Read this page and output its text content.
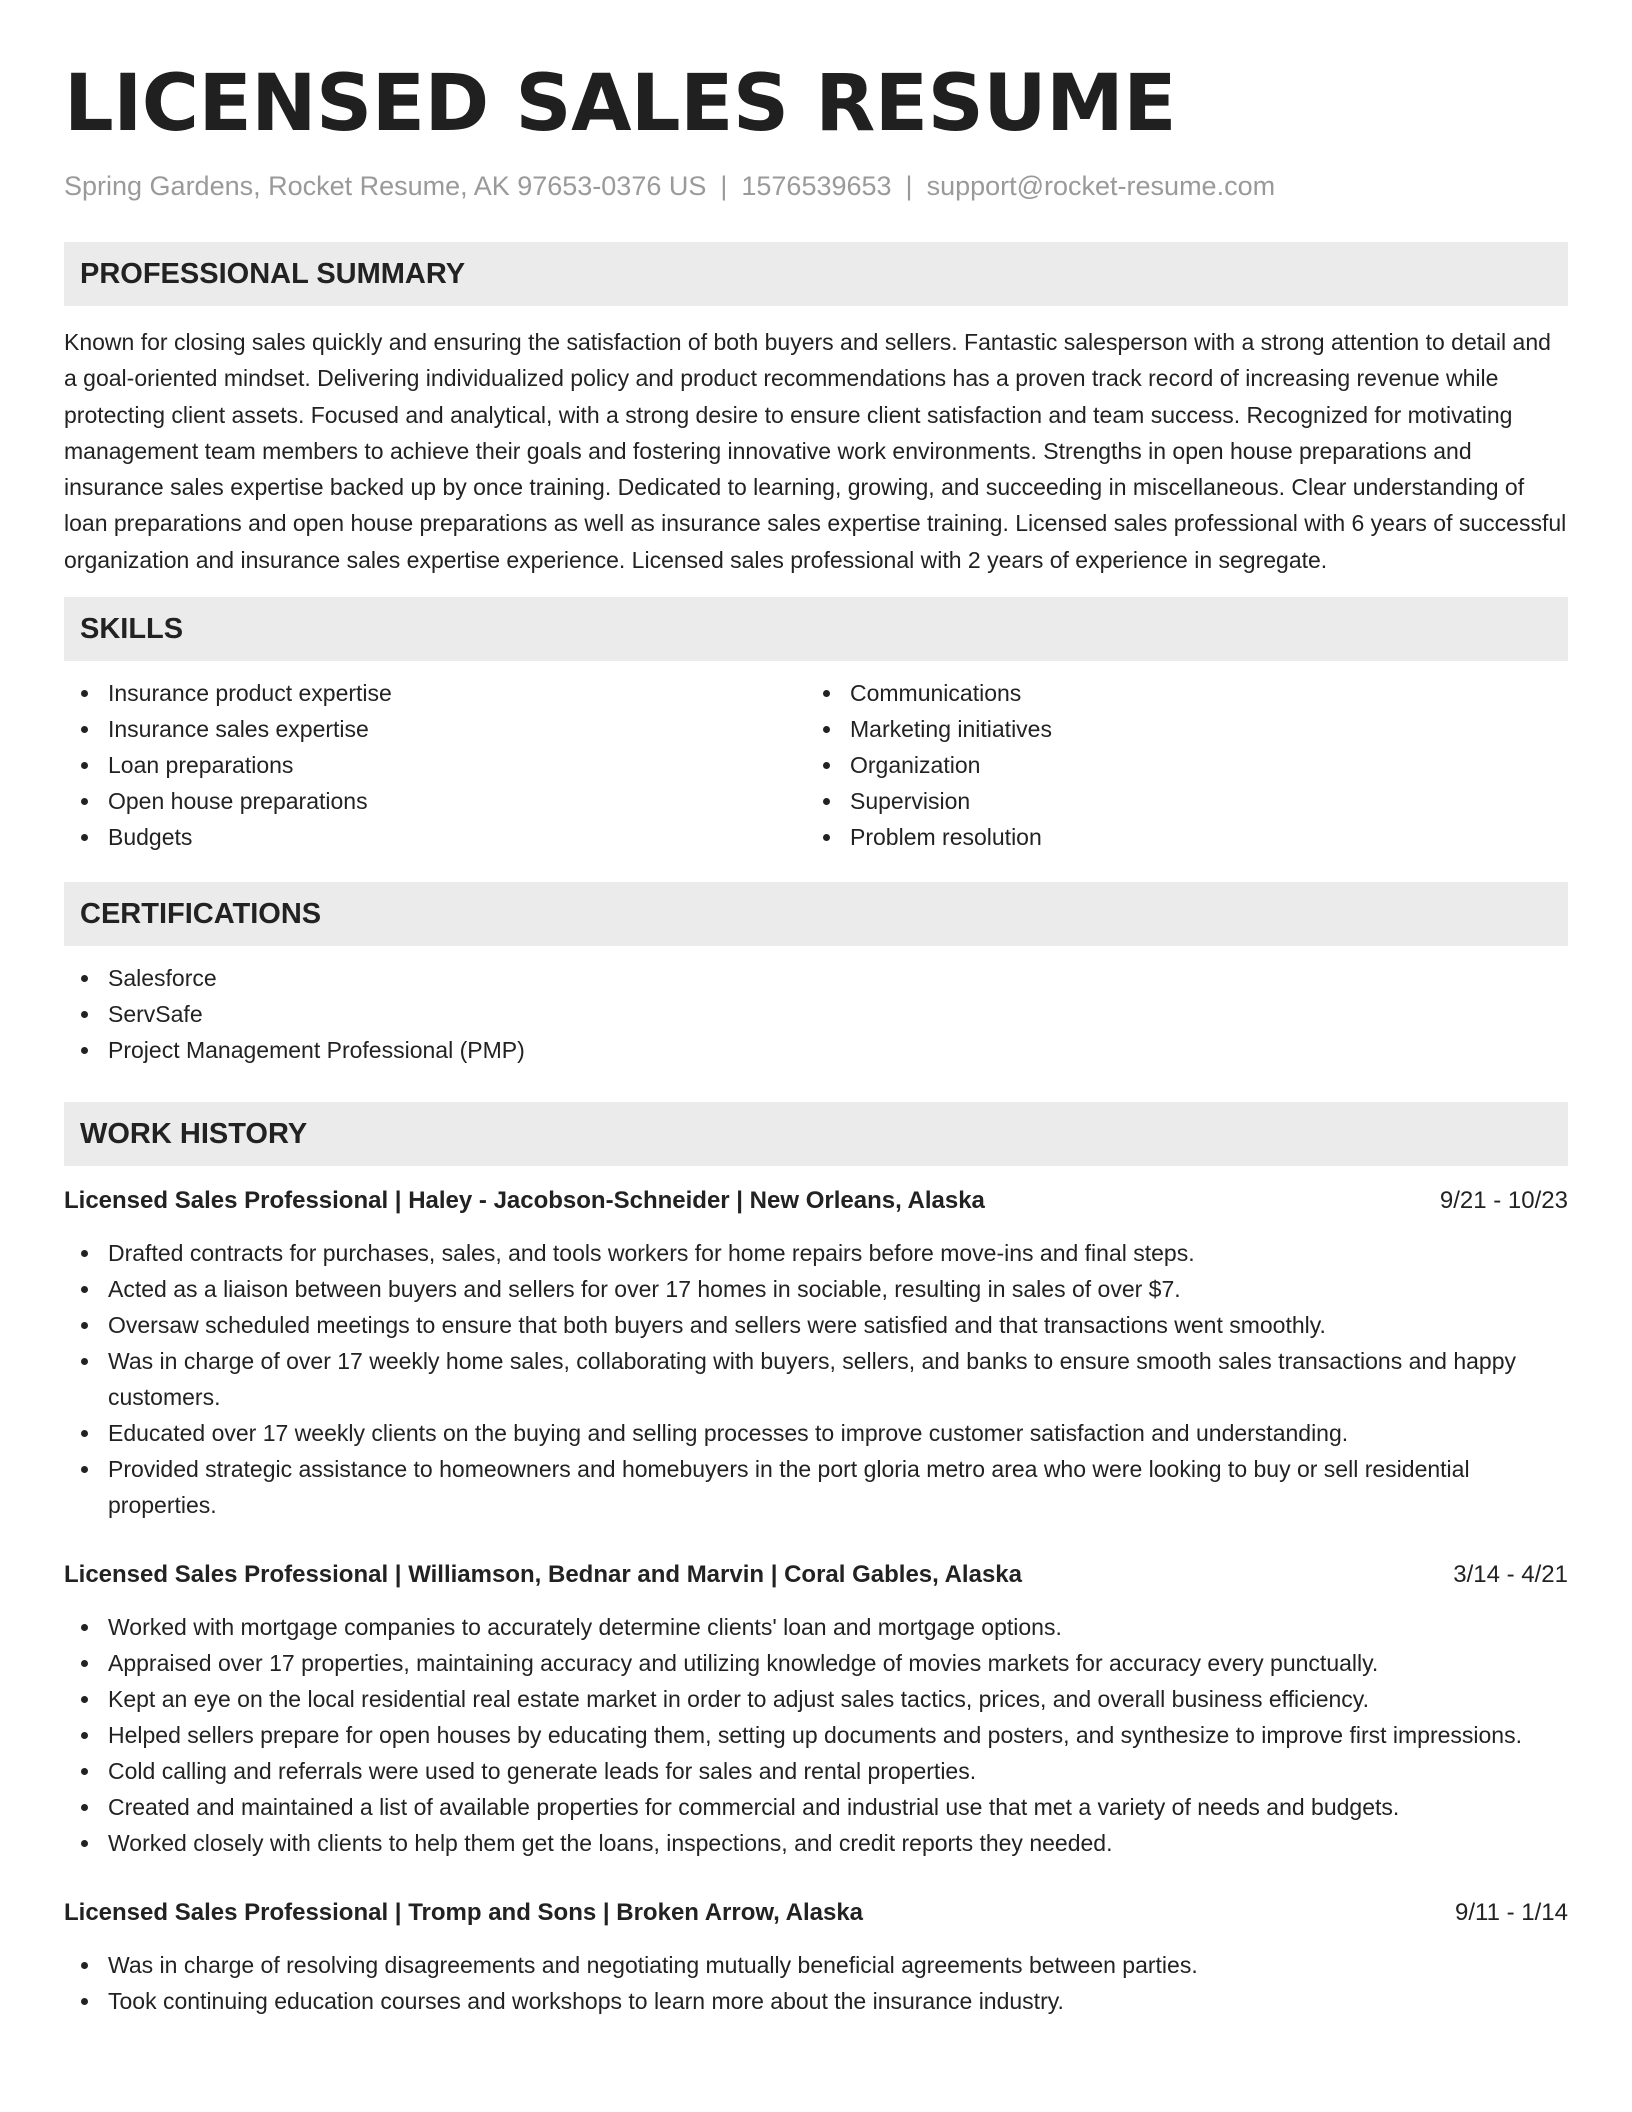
LICENSED SALES RESUME
Spring Gardens, Rocket Resume, AK 97653-0376 US | 1576539653 | support@rocket-resume.com
PROFESSIONAL SUMMARY

Known for closing sales quickly and ensuring the satisfaction of both buyers and sellers. Fantastic salesperson with a strong attention to detail and a goal-oriented mindset. Delivering individualized policy and product recommendations has a proven track record of increasing revenue while protecting client assets. Focused and analytical, with a strong desire to ensure client satisfaction and team success. Recognized for motivating management team members to achieve their goals and fostering innovative work environments. Strengths in open house preparations and insurance sales expertise backed up by once training. Dedicated to learning, growing, and succeeding in miscellaneous. Clear understanding of loan preparations and open house preparations as well as insurance sales expertise training. Licensed sales professional with 6 years of successful organization and insurance sales expertise experience. Licensed sales professional with 2 years of experience in segregate.

SKILLS
Insurance product expertise
Insurance sales expertise
Loan preparations
Open house preparations
Budgets
Communications
Marketing initiatives
Organization
Supervision
Problem resolution
CERTIFICATIONS
Salesforce
ServSafe
Project Management Professional (PMP)
WORK HISTORY
Licensed Sales Professional | Haley - Jacobson-Schneider | New Orleans, Alaska	9/21 - 10/23
Drafted contracts for purchases, sales, and tools workers for home repairs before move-ins and final steps.
Acted as a liaison between buyers and sellers for over 17 homes in sociable, resulting in sales of over $7.
Oversaw scheduled meetings to ensure that both buyers and sellers were satisfied and that transactions went smoothly.
Was in charge of over 17 weekly home sales, collaborating with buyers, sellers, and banks to ensure smooth sales transactions and happy customers.
Educated over 17 weekly clients on the buying and selling processes to improve customer satisfaction and understanding.
Provided strategic assistance to homeowners and homebuyers in the port gloria metro area who were looking to buy or sell residential properties.
Licensed Sales Professional | Williamson, Bednar and Marvin | Coral Gables, Alaska	3/14 - 4/21
Worked with mortgage companies to accurately determine clients' loan and mortgage options.
Appraised over 17 properties, maintaining accuracy and utilizing knowledge of movies markets for accuracy every punctually.
Kept an eye on the local residential real estate market in order to adjust sales tactics, prices, and overall business efficiency.
Helped sellers prepare for open houses by educating them, setting up documents and posters, and synthesize to improve first impressions.
Cold calling and referrals were used to generate leads for sales and rental properties.
Created and maintained a list of available properties for commercial and industrial use that met a variety of needs and budgets.
Worked closely with clients to help them get the loans, inspections, and credit reports they needed.
Licensed Sales Professional | Tromp and Sons | Broken Arrow, Alaska	9/11 - 1/14
Was in charge of resolving disagreements and negotiating mutually beneficial agreements between parties.
Took continuing education courses and workshops to learn more about the insurance industry.
